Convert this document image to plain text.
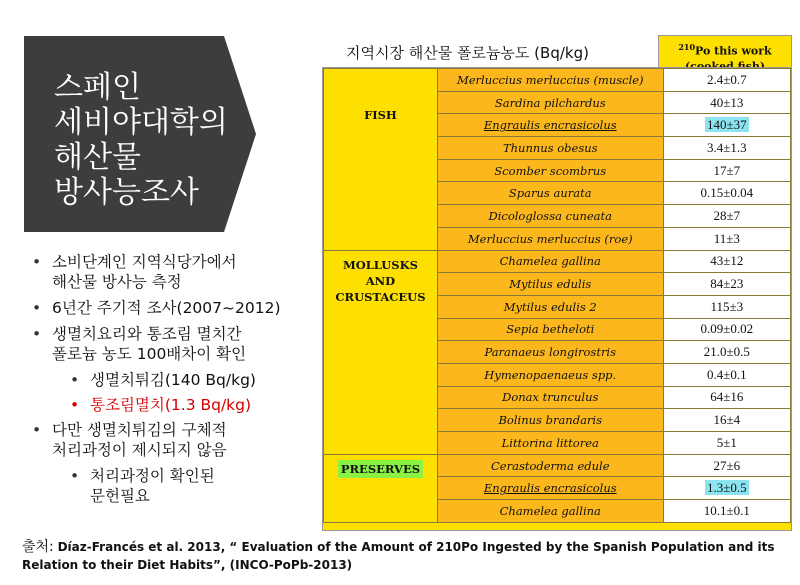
스페인
세비야대학의
해산물
방사능조사
• 소비단계인 지역식당가에서
해산물 방사능 측정
• 6년간 주기적 조사(2007~2012)
• 생멸치요리와 통조림 멸치간
폴로늄 농도 100배차이 확인
• 생멸치튀김(140 Bq/kg)
• 통조림멸치(1.3 Bq/kg)
• 다만 생멸치튀김의 구체적
처리과정이 제시되지 않음
• 처리과정이 확인된
문헌필요
지역시장 해산물 폴로늄농도 (Bq/kg)	$^{210}$Po this work
FISH	Merluccius merluccius (muscle)	2.4±0.7
	Sardina pilchardus	40±13
	Engraulis encrasicolus	140±37
	Thunnus obesus	3.4±1.3
	Scomber scombrus	17±7
	Sparus aurata	0.15±0.04
	Dicologlossa cuneata	28±7
	Merluccius merluccius (roe)	11±3

MOLLUSKS
AND
CRUSTACEUS	Chamelea gallina	43±12
	Mytilus edulis	84±23
	Mytilus edulis 2	115±3
	Sepia betheloti	0.09±0.02
	Paranaeus longirostris	21.0±0.5
	Hymenopaenaeus spp.	0.4±0.1
	Donax trunculus	64±16
	Bolinus brandaris	16±4
	Littorina littorea	5±1
PRESERVES	Cerastoderma edule	27±6
	Engraulis encrasicolus	1.3±0.5
	Chamelea gallina	10.1±0.1
출처: Díaz-Francés et al. 2013, “ Evaluation of the Amount of 210Po Ingested by the Spanish Population and its
Relation to their Diet Habits”, (INCO-PoPb-2013)
